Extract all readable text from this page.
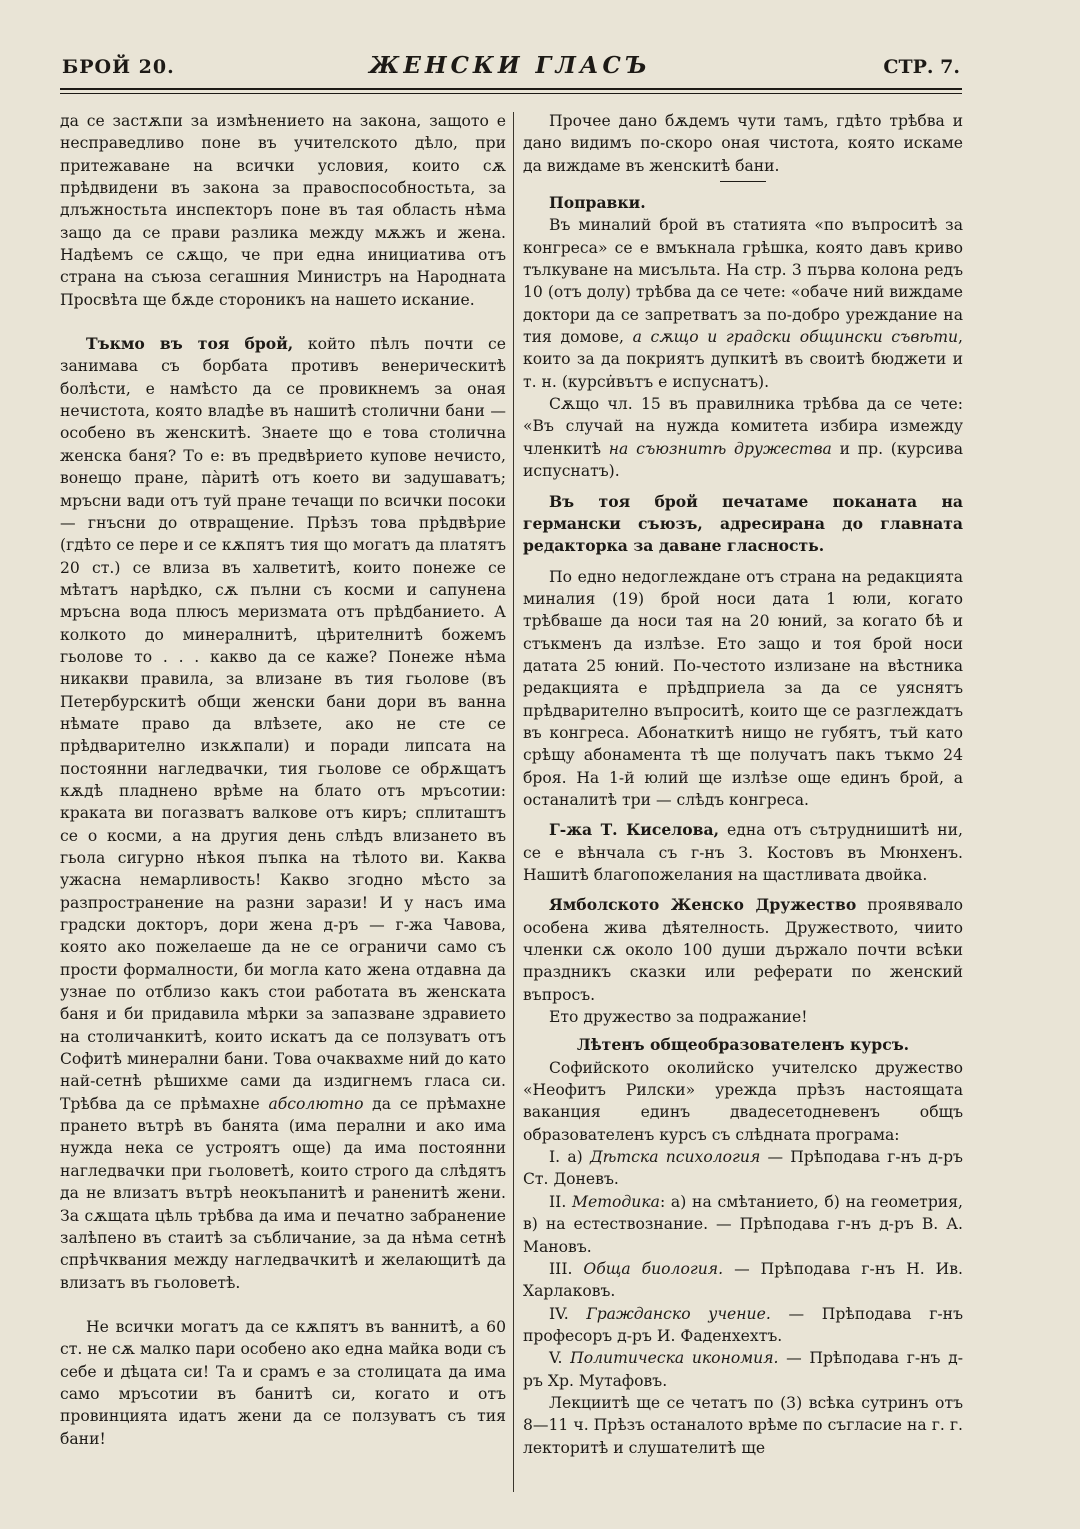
БРОЙ 20.	ЖЕНСКИ ГЛАСЪ	СТР. 7.

да се застѫпи за измѣнението на закона, защото е несправедливо поне въ учителското дѣло, при притежаване на всички условия, които сѫ прѣдвидени въ закона за правоспособностьта, за длъжностьта инспекторъ поне въ тая область нѣма защо да се прави разлика между мѫжъ и жена. Надѣемъ се сѫщо, че при една инициатива отъ страна на съюза сегашния Министръ на Народната Просвѣта ще бѫде стороникъ на нашето искание.

Тъкмо въ тоя брой, който пѣлъ почти се занимава съ борбата противъ венерическитѣ болѣсти, е намѣсто да се провикнемъ за оная нечистота, която владѣе въ нашитѣ столични бани — особено въ женскитѣ. Знаете що е това столична женска баня? То е: въ предвѣрието купове нечисто, вонещо пране, па̀ритѣ отъ което ви задушаватъ; мръсни вади отъ туй пране течащи по всички посоки — гнъсни до отвращение. Прѣзъ това прѣдвѣрие (гдѣто се пере и се кѫпятъ тия що могатъ да платятъ 20 ст.) се влиза въ халветитѣ, които понеже се мѣтатъ нарѣдко, сѫ пълни съ косми и сапунена мръсна вода плюсъ меризмата отъ прѣдбанието. А колкото до минералнитѣ, цѣрителнитѣ божемъ гьолове то . . . какво да се каже? Понеже нѣма никакви правила, за влизане въ тия гьолове (въ Петербурскитѣ общи женски бани дори въ ванна нѣмате право да влѣзете, ако не сте се прѣдварително изкѫпали) и поради липсата на постоянни нагледвачки, тия гьолове се обрѫщатъ кѫдѣ пладнено врѣме на блато отъ мръсотии: краката ви погазватъ валкове отъ киръ; сплиташтъ се о косми, а на другия день слѣдъ влизането въ гьола сигурно нѣкоя пъпка на тѣлото ви. Каква ужасна немарливость! Какво згодно мѣсто за разпространение на разни зарази! И у насъ има градски докторъ, дори жена д-ръ — г-жа Чавова, която ако пожелаеше да не се ограничи само съ прости формалности, би могла като жена отдавна да узнае по отблизо какъ стои работата въ женската баня и би придавила мѣрки за запазване здравието на столичанкитѣ, които искатъ да се ползуватъ отъ Софитѣ минерални бани. Това очаквахме ний до като най-сетнѣ рѣшихме сами да издигнемъ гласа си. Трѣбва да се прѣмахне абсолютно да се прѣмахне прането вътрѣ въ банята (има перални и ако има нужда нека се устроятъ още) да има постоянни нагледвачки при гьоловетѣ, които строго да слѣдятъ да не влизатъ вътрѣ неокъпанитѣ и раненитѣ жени. За сѫщата цѣль трѣбва да има и печатно забранение залѣпено въ стаитѣ за събличание, за да нѣма сетнѣ спрѣчквания между нагледвачкитѣ и желающитѣ да влизатъ въ гьоловетѣ.

Не всички могатъ да се кѫпятъ въ ваннитѣ, а 60 ст. не сѫ малко пари особено ако една майка води съ себе и дѣцата си! Та и срамъ е за столицата да има само мръсотии въ банитѣ си, когато и отъ провинцията идатъ жени да се ползуватъ съ тия бани!

Прочее дано бѫдемъ чути тамъ, гдѣто трѣбва и дано видимъ по-скоро оная чистота, която искаме да виждаме въ женскитѣ бани.

Поправки.

Въ миналий брой въ статията «по въпроситѣ за конгреса» се е вмъкнала грѣшка, която давъ криво тълкуване на мисъльта. На стр. 3 първа колона редъ 10 (отъ долу) трѣбва да се чете: «обаче ний виждаме доктори да се запретватъ за по-добро уреждание на тия домове, а сѫщо и градски общински съвѣти, които за да покриятъ дупкитѣ въ своитѣ бюджети и т. н. (курси̇вътъ е испуснатъ).

Сѫщо чл. 15 въ правилника трѣбва да се чете: «Въ случай на нужда комитета избира измежду членкитѣ на съюзнитѣ дружества и пр. (курсива испуснатъ).

Въ тоя брой печатаме поканата на германски съюзъ, адресирана до главната редакторка за даване гласность.

По едно недоглеждане отъ страна на редакцията миналия (19) брой носи дата 1 юли, когато трѣбваше да носи тая на 20 юний, за когато бѣ и стъкменъ да излѣзе. Ето защо и тоя брой носи датата 25 юний. По-честото излизане на вѣстника редакцията е прѣдприела за да се уяснятъ прѣдварително въпроситѣ, които ще се разглеждатъ въ конгреса. Абонаткитѣ нищо не губятъ, тъй като срѣщу абонамента тѣ ще получатъ пакъ тъкмо 24 броя. На 1-й юлий ще излѣзе още единъ брой, а останалитѣ три — слѣдъ конгреса.

Г-жа Т. Киселова, една отъ сътруднишитѣ ни, се е вѣнчала съ г-нъ З. Костовъ въ Мюнхенъ. Нашитѣ благопожелания на щастливата двойка.

Ямболското Женско Дружество проявявало особена жива дѣятелность. Дружеството, чиито членки сѫ около 100 души държало почти всѣки праздникъ сказки или реферати по женский въпросъ.

Ето дружество за подражание!

Лѣтенъ общеобразователенъ курсъ.

Софийското околийско учителско дружество «Неофитъ Рилски» урежда прѣзъ настоящата ваканция единъ двадесетодневенъ общъ образователенъ курсъ съ слѣдната програма:

I. а) Дѣтска психология — Прѣподава г-нъ д-ръ Ст. Доневъ.

II. Методика: а) на смѣтанието, б) на геометрия, в) на естествознание. — Прѣподава г-нъ д-ръ В. А. Мановъ.

III. Обща биология. — Прѣподава г-нъ Н. Ив. Харлаковъ.

IV. Гражданско учение. — Прѣподава г-нъ професоръ д-ръ И. Фаденхехтъ.

V. Политическа икономия. — Прѣподава г-нъ д-ръ Хр. Мутафовъ.

Лекциитѣ ще се четатъ по (3) всѣка сутринъ отъ 8—11 ч. Прѣзъ останалото врѣме по съгласие на г. г. лекторитѣ и слушателитѣ ще
